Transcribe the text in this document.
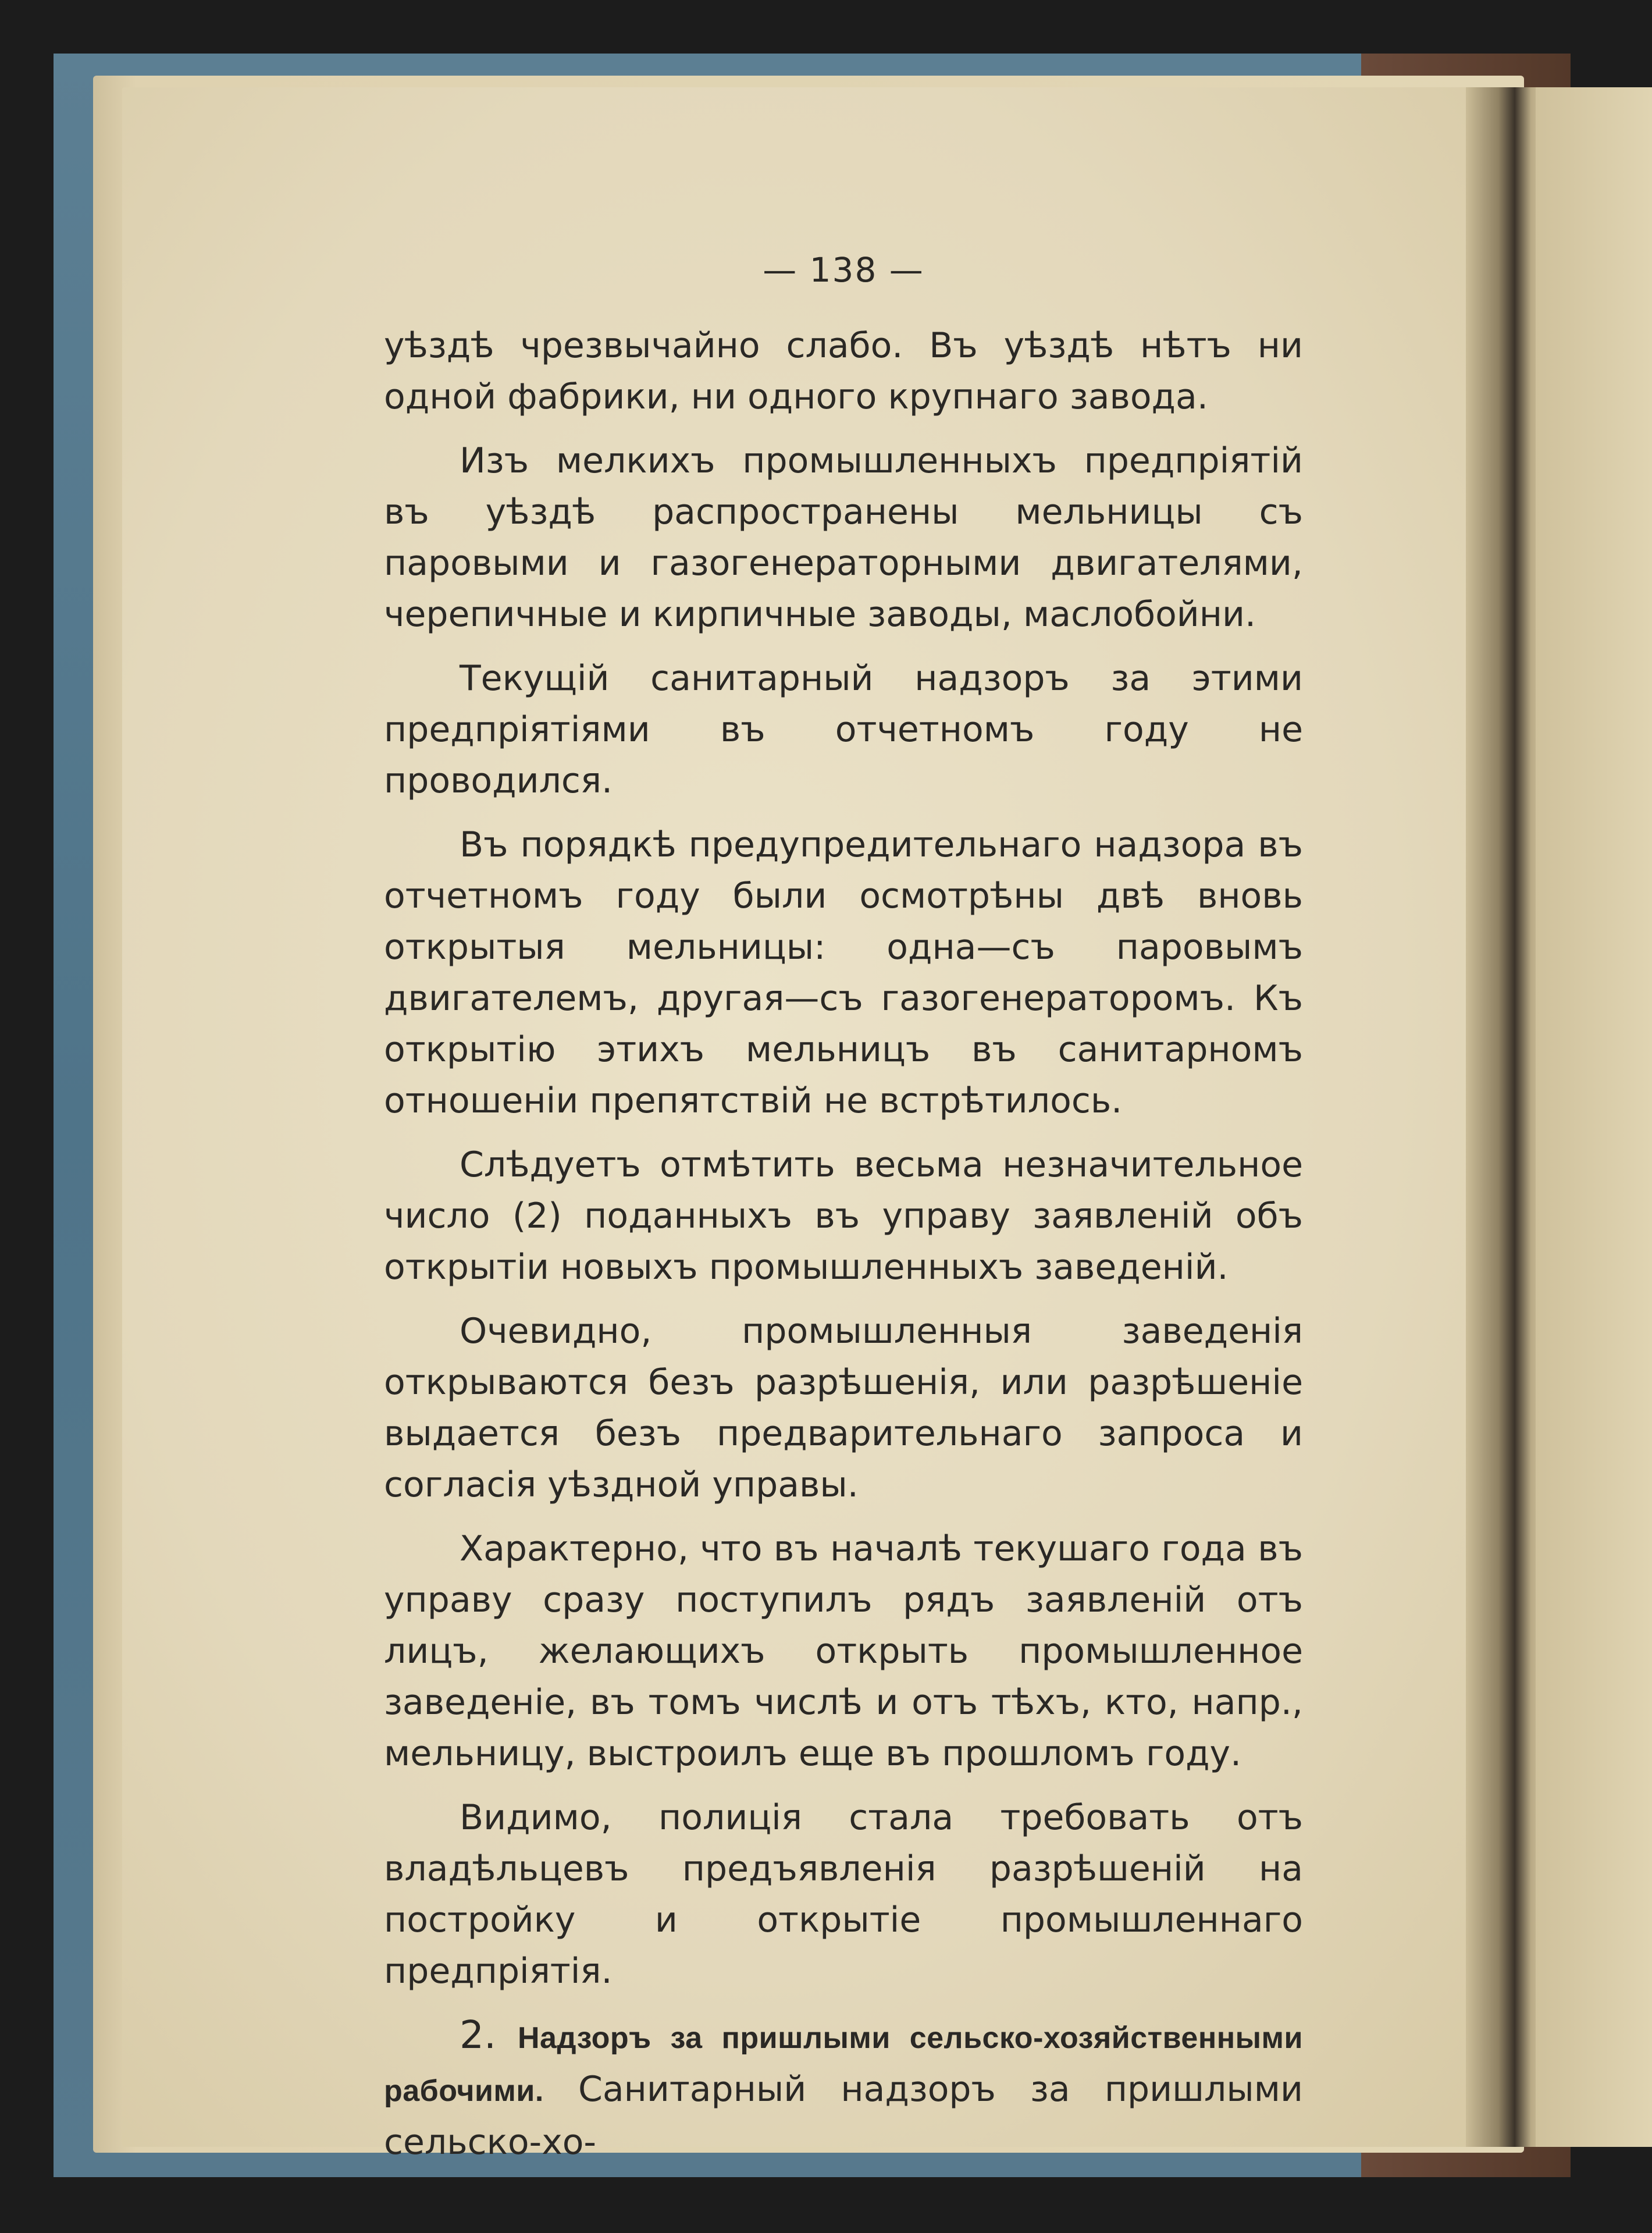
— 138 —

уѣздѣ чрезвычайно слабо. Въ уѣздѣ нѣтъ ни одной фабрики, ни одного крупнаго завода.

Изъ мелкихъ промышленныхъ предпріятій въ уѣздѣ распространены мельницы съ паровыми и газогенераторными двигателями, черепичные и кирпичные заводы, маслобойни.

Текущій санитарный надзоръ за этими предпріятіями въ отчетномъ году не проводился.

Въ порядкѣ предупредительнаго надзора въ отчетномъ году были осмотрѣны двѣ вновь открытыя мельницы: одна—съ паровымъ двигателемъ, другая—съ газогенераторомъ. Къ открытію этихъ мельницъ въ санитарномъ отношеніи препятствій не встрѣтилось.

Слѣдуетъ отмѣтить весьма незначительное число (2) поданныхъ въ управу заявленій объ открытіи новыхъ промышленныхъ заведеній.

Очевидно, промышленныя заведенія открываются безъ разрѣшенія, или разрѣшеніе выдается безъ предварительнаго запроса и согласія уѣздной управы.

Характерно, что въ началѣ текушаго года въ управу сразу поступилъ рядъ заявленій отъ лицъ, желающихъ открыть промышленное заведеніе, въ томъ числѣ и отъ тѣхъ, кто, напр., мельницу, выстроилъ еще въ прошломъ году.

Видимо, полиція стала требовать отъ владѣльцевъ предъявленія разрѣшеній на постройку и открытіе промышленнаго предпріятія.

2. Надзоръ за пришлыми сельско-хозяйственными рабочими. Санитарный надзоръ за пришлыми сельско-хо-
